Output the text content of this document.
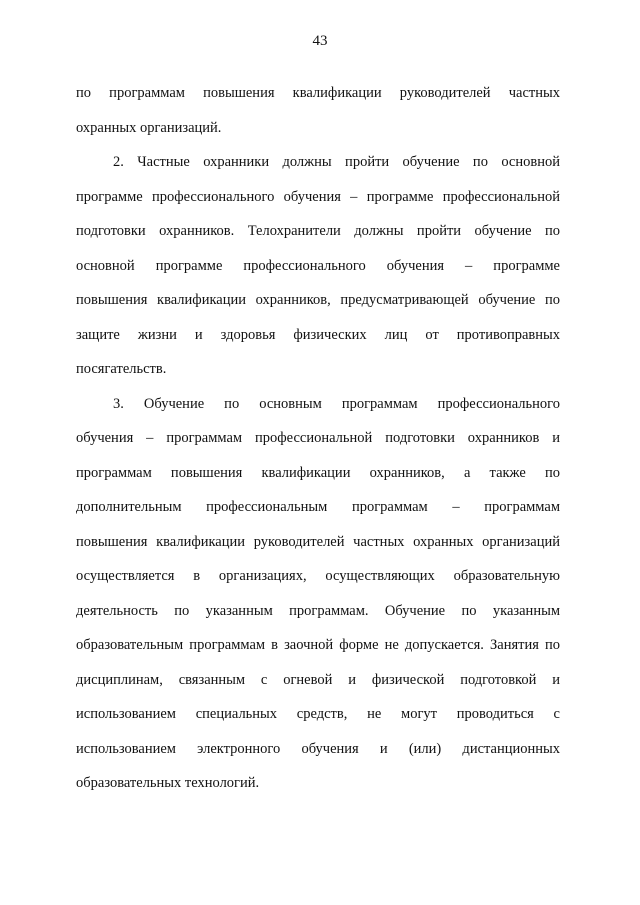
43
по программам повышения квалификации руководителей частных
охранных организаций.
2. Частные охранники должны пройти обучение по основной
программе профессионального обучения – программе профессиональной
подготовки охранников. Телохранители должны пройти обучение по
основной программе профессионального обучения – программе
повышения квалификации охранников, предусматривающей обучение по
защите жизни и здоровья физических лиц от противоправных
посягательств.
3. Обучение по основным программам профессионального
обучения – программам профессиональной подготовки охранников и
программам повышения квалификации охранников, а также по
дополнительным профессиональным программам – программам
повышения квалификации руководителей частных охранных организаций
осуществляется в организациях, осуществляющих образовательную
деятельность по указанным программам. Обучение по указанным
образовательным программам в заочной форме не допускается. Занятия по
дисциплинам, связанным с огневой и физической подготовкой и
использованием специальных средств, не могут проводиться с
использованием электронного обучения и (или) дистанционных
образовательных технологий.
